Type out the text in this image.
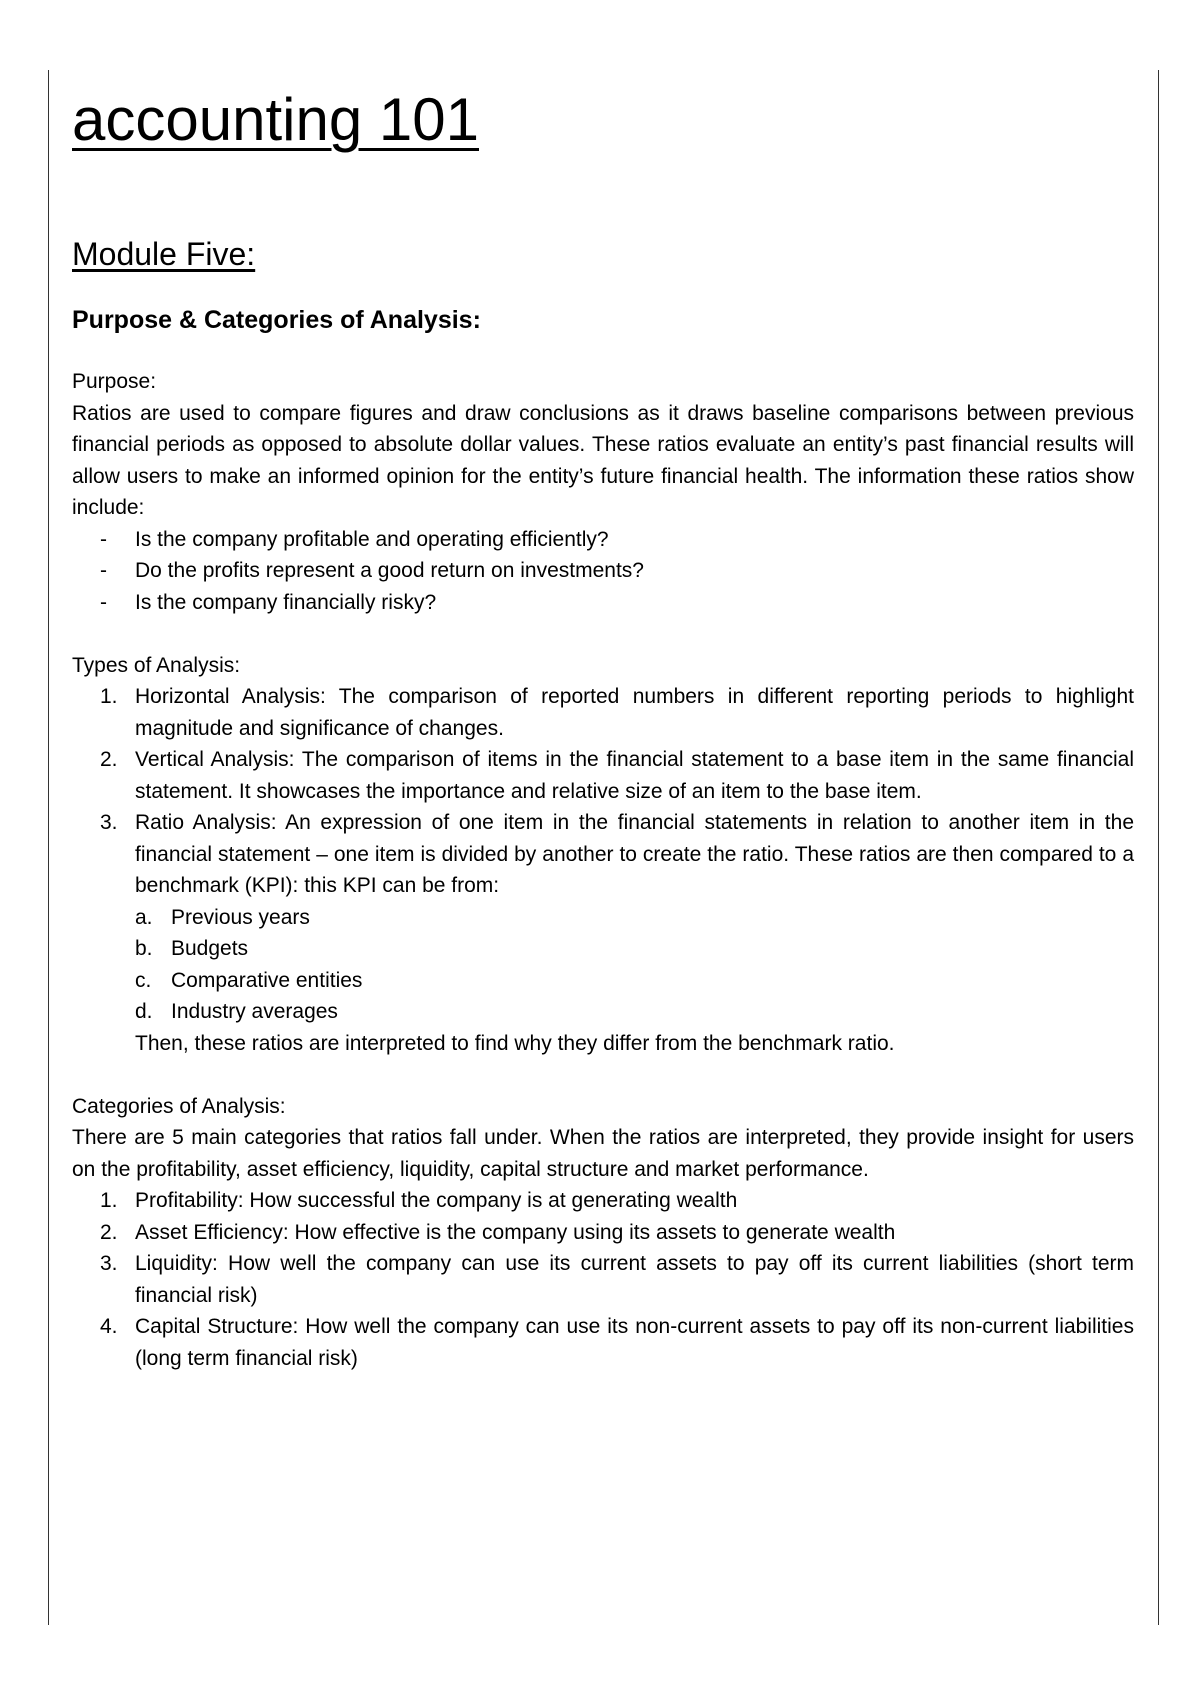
accounting 101
Module Five:
Purpose & Categories of Analysis:

Purpose:

Ratios are used to compare figures and draw conclusions as it draws baseline comparisons between previous financial periods as opposed to absolute dollar values. These ratios evaluate an entity’s past financial results will allow users to make an informed opinion for the entity’s future financial health. The information these ratios show include:

- Is the company profitable and operating efficiently?
- Do the profits represent a good return on investments?
- Is the company financially risky?

Types of Analysis:

1. Horizontal Analysis: The comparison of reported numbers in different reporting periods to highlight magnitude and significance of changes.
2. Vertical Analysis: The comparison of items in the financial statement to a base item in the same financial statement. It showcases the importance and relative size of an item to the base item.
3. Ratio Analysis: An expression of one item in the financial statements in relation to another item in the financial statement – one item is divided by another to create the ratio. These ratios are then compared to a benchmark (KPI): this KPI can be from:
a. Previous years
b. Budgets
c. Comparative entities
d. Industry averages
Then, these ratios are interpreted to find why they differ from the benchmark ratio.

Categories of Analysis:

There are 5 main categories that ratios fall under. When the ratios are interpreted, they provide insight for users on the profitability, asset efficiency, liquidity, capital structure and market performance.

1. Profitability: How successful the company is at generating wealth
2. Asset Efficiency: How effective is the company using its assets to generate wealth
3. Liquidity: How well the company can use its current assets to pay off its current liabilities (short term financial risk)
4. Capital Structure: How well the company can use its non-current assets to pay off its non-current liabilities (long term financial risk)
